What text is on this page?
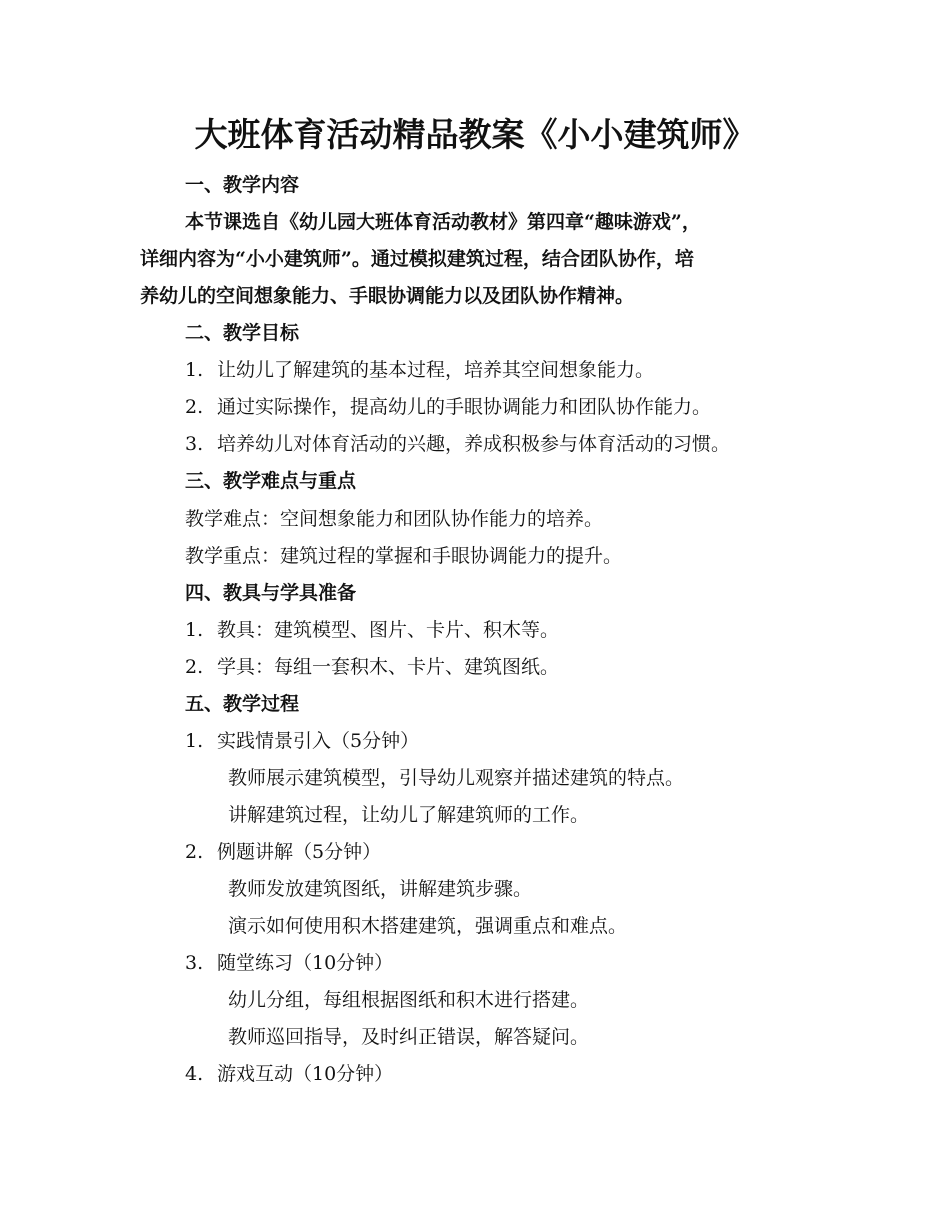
大班体育活动精品教案《小小建筑师》
一、教学内容
本节课选自《幼儿园大班体育活动教材》第四章“趣味游戏”，
详细内容为“小小建筑师”。通过模拟建筑过程，结合团队协作，培
养幼儿的空间想象能力、手眼协调能力以及团队协作精神。
二、教学目标
1. 让幼儿了解建筑的基本过程，培养其空间想象能力。
2. 通过实际操作，提高幼儿的手眼协调能力和团队协作能力。
3. 培养幼儿对体育活动的兴趣，养成积极参与体育活动的习惯。
三、教学难点与重点
教学难点：空间想象能力和团队协作能力的培养。
教学重点：建筑过程的掌握和手眼协调能力的提升。
四、教具与学具准备
1. 教具：建筑模型、图片、卡片、积木等。
2. 学具：每组一套积木、卡片、建筑图纸。
五、教学过程
1. 实践情景引入（5分钟）
教师展示建筑模型，引导幼儿观察并描述建筑的特点。
讲解建筑过程，让幼儿了解建筑师的工作。
2. 例题讲解（5分钟）
教师发放建筑图纸，讲解建筑步骤。
演示如何使用积木搭建建筑，强调重点和难点。
3. 随堂练习（10分钟）
幼儿分组，每组根据图纸和积木进行搭建。
教师巡回指导，及时纠正错误，解答疑问。
4. 游戏互动（10分钟）
